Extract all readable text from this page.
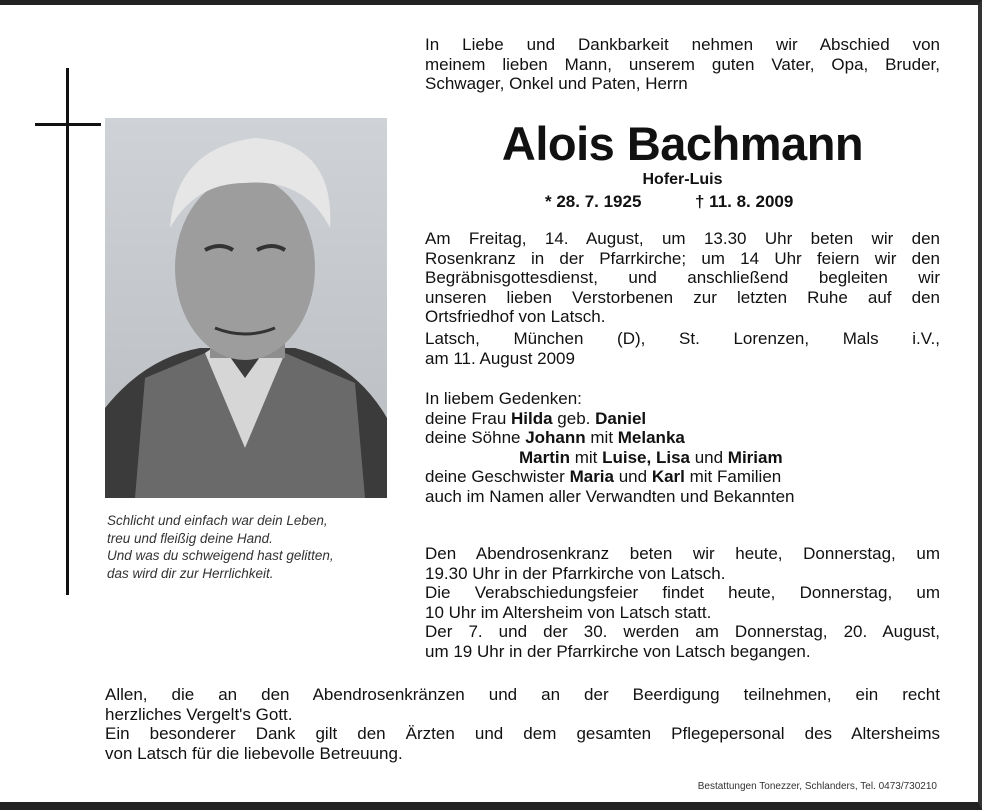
Schlicht und einfach war dein Leben,
treu und fleißig deine Hand.
Und was du schweigend hast gelitten,
das wird dir zur Herrlichkeit.
In Liebe und Dankbarkeit nehmen wir Abschied von
meinem lieben Mann, unserem guten Vater, Opa, Bruder,
Schwager, Onkel und Paten, Herrn
Alois Bachmann
Hofer-Luis
* 28. 7. 1925	† 11. 8. 2009
Am Freitag, 14. August, um 13.30 Uhr beten wir den
Rosenkranz in der Pfarrkirche; um 14 Uhr feiern wir den
Begräbnisgottesdienst, und anschließend begleiten wir
unseren lieben Verstorbenen zur letzten Ruhe auf den
Ortsfriedhof von Latsch.
Latsch, München (D), St. Lorenzen, Mals i.V.,
am 11. August 2009
In liebem Gedenken:
deine Frau Hilda geb. Daniel
deine Söhne Johann mit Melanka
Martin mit Luise, Lisa und Miriam
deine Geschwister Maria und Karl mit Familien
auch im Namen aller Verwandten und Bekannten
Den Abendrosenkranz beten wir heute, Donnerstag, um
19.30 Uhr in der Pfarrkirche von Latsch.
Die Verabschiedungsfeier findet heute, Donnerstag, um
10 Uhr im Altersheim von Latsch statt.
Der 7. und der 30. werden am Donnerstag, 20. August,
um 19 Uhr in der Pfarrkirche von Latsch begangen.
Allen, die an den Abendrosenkränzen und an der Beerdigung teilnehmen, ein recht
herzliches Vergelt's Gott.
Ein besonderer Dank gilt den Ärzten und dem gesamten Pflegepersonal des Altersheims
von Latsch für die liebevolle Betreuung.
Bestattungen Tonezzer, Schlanders, Tel. 0473/730210
